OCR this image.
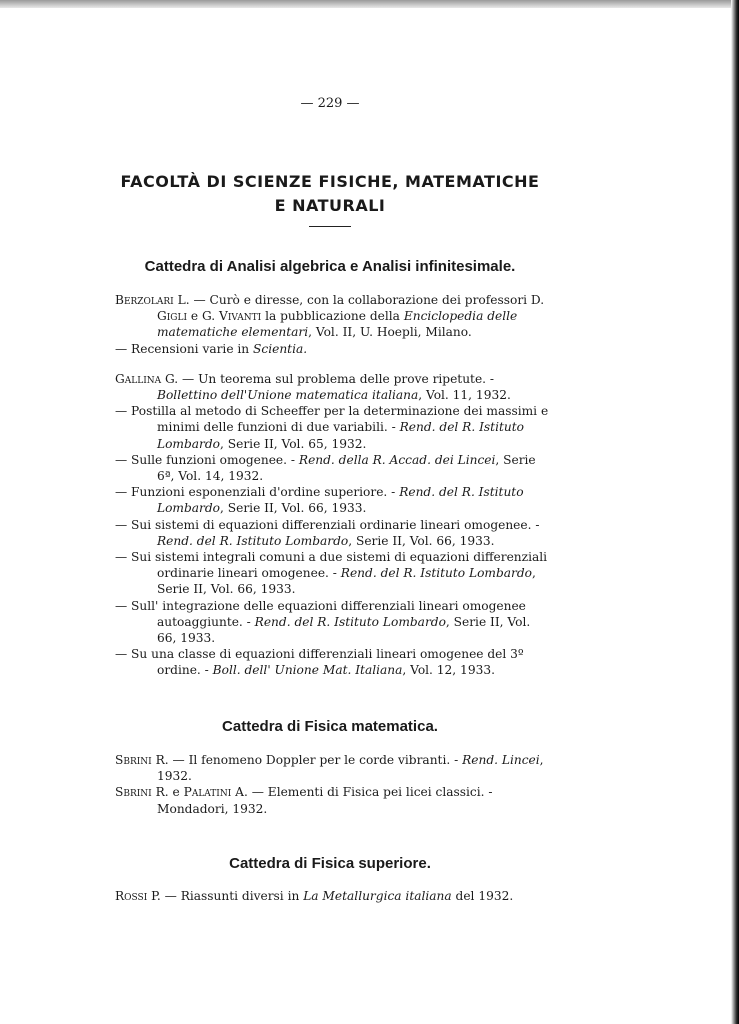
— 229 —
FACOLTÀ DI SCIENZE FISICHE, MATEMATICHE
E NATURALI
Cattedra di Analisi algebrica e Analisi infinitesimale.

Berzolari L. — Curò e diresse, con la collaborazione dei professori D. Gigli e G. Vivanti la pubblicazione della Enciclopedia delle matematiche elementari, Vol. II, U. Hoepli, Milano.

— Recensioni varie in Scientia.

Gallina G. — Un teorema sul problema delle prove ripetute. - Bollettino dell'Unione matematica italiana, Vol. 11, 1932.

— Postilla al metodo di Scheeffer per la determinazione dei massimi e minimi delle funzioni di due variabili. - Rend. del R. Istituto Lombardo, Serie II, Vol. 65, 1932.

— Sulle funzioni omogenee. - Rend. della R. Accad. dei Lincei, Serie 6ª, Vol. 14, 1932.

— Funzioni esponenziali d'ordine superiore. - Rend. del R. Istituto Lombardo, Serie II, Vol. 66, 1933.

— Sui sistemi di equazioni differenziali ordinarie lineari omogenee. - Rend. del R. Istituto Lombardo, Serie II, Vol. 66, 1933.

— Sui sistemi integrali comuni a due sistemi di equazioni differenziali ordinarie lineari omogenee. - Rend. del R. Istituto Lombardo, Serie II, Vol. 66, 1933.

— Sull' integrazione delle equazioni differenziali lineari omogenee autoaggiunte. - Rend. del R. Istituto Lombardo, Serie II, Vol. 66, 1933.

— Su una classe di equazioni differenziali lineari omogenee del 3º ordine. - Boll. dell' Unione Mat. Italiana, Vol. 12, 1933.

Cattedra di Fisica matematica.

Sbrini R. — Il fenomeno Doppler per le corde vibranti. - Rend. Lincei, 1932.

Sbrini R. e Palatini A. — Elementi di Fisica pei licei classici. - Mondadori, 1932.

Cattedra di Fisica superiore.

Rossi P. — Riassunti diversi in La Metallurgica italiana del 1932.
